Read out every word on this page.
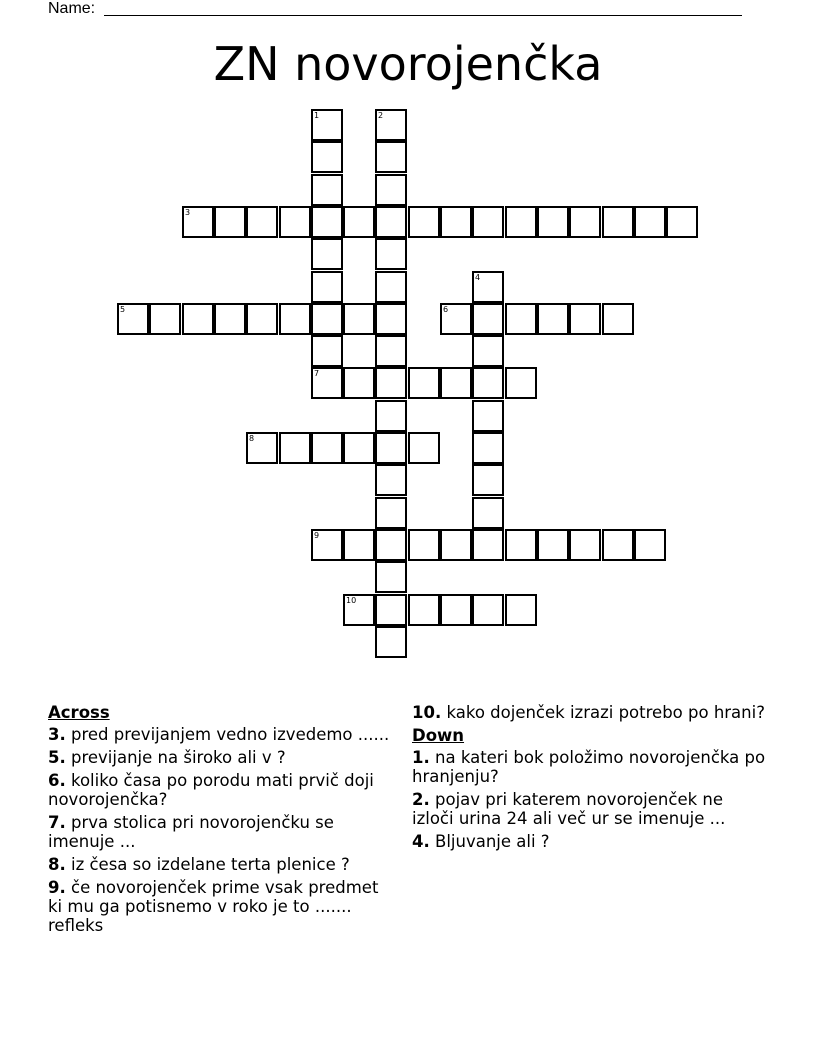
Name:
ZN novorojenčka
1	2
3
4
5	6
7
8
9
10
Across
3. pred previjanjem vedno izvedemo ......
5. previjanje na široko ali v ?
6. koliko časa po porodu mati prvič doji novorojenčka?
7. prva stolica pri novorojenčku se imenuje ...
8. iz česa so izdelane terta plenice ?
9. če novorojenček prime vsak predmet ki mu ga potisnemo v roko je to ....... refleks
10. kako dojenček izrazi potrebo po hrani?
Down
1. na kateri bok položimo novorojenčka po hranjenju?
2. pojav pri katerem novorojenček ne izloči urina 24 ali več ur se imenuje ...
4. Bljuvanje ali ?
